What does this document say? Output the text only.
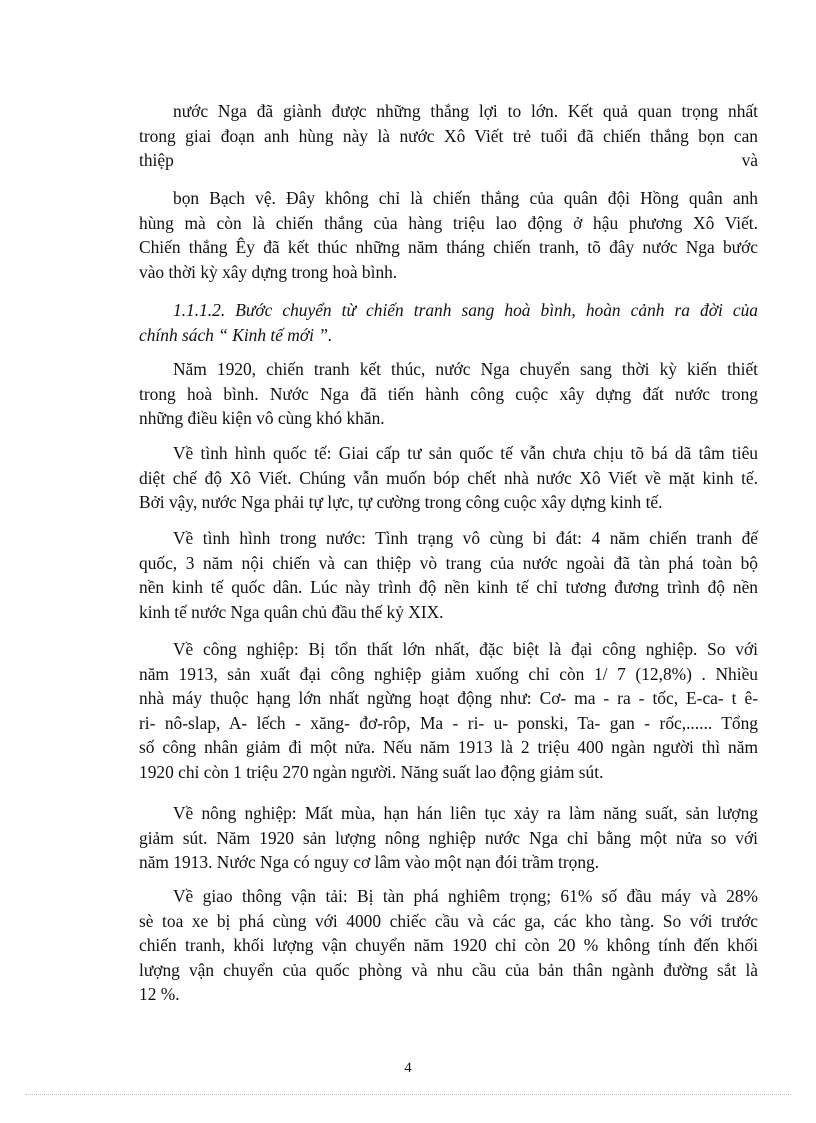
nước Nga đã giành được những thắng lợi to lớn. Kết quả quan trọng nhất
trong giai đoạn anh hùng này là nước Xô Viết trẻ tuổi đã chiến thắng bọn can
thiệp	và
bọn Bạch vệ. Đây không chỉ là chiến thắng của quân đội Hồng quân anh
hùng mà còn là chiến thắng của hàng triệu lao động ở hậu phương Xô Viết.
Chiến thắng Êy đã kết thúc những năm tháng chiến tranh, tõ đây nước Nga bước
vào thời kỳ xây dựng trong hoà bình.
1.1.1.2. Bước chuyển từ chiến tranh sang hoà bình, hoàn cảnh ra đời của
chính sách “ Kinh tế mới ”.
Năm 1920, chiến tranh kết thúc, nước Nga chuyển sang thời kỳ kiến thiết
trong hoà bình. Nước Nga đã tiến hành công cuộc xây dựng đất nước trong
những điều kiện vô cùng khó khăn.
Về tình hình quốc tế: Giai cấp tư sản quốc tế vẫn chưa chịu tõ bá dã tâm tiêu
diệt chế độ Xô Viết. Chúng vẫn muốn bóp chết nhà nước Xô Viết về mặt kinh tế.
Bởi vậy, nước Nga phải tự lực, tự cường trong công cuộc xây dựng kinh tế.
Về tình hình trong nước: Tình trạng vô cùng bi đát: 4 năm chiến tranh đế
quốc, 3 năm nội chiến và can thiệp vò trang của nước ngoài đã tàn phá toàn bộ
nền kinh tế quốc dân. Lúc này trình độ nền kinh tế chỉ tương đương trình độ nền
kinh tế nước Nga quân chủ đầu thế kỷ XIX.
Về công nghiệp: Bị tổn thất lớn nhất, đặc biệt là đại công nghiệp. So với
năm 1913, sản xuất đại công nghiệp giảm xuống chỉ còn 1/ 7 (12,8%) . Nhiều
nhà máy thuộc hạng lớn nhất ngừng hoạt động như: Cơ- ma - ra - tốc, E-ca- t ê-
ri- nô-slap, A- lếch - xăng- đơ-rôp, Ma - ri- u- ponski, Ta- gan - rốc,...... Tổng
số công nhân giảm đi một nửa. Nếu năm 1913 là 2 triệu 400 ngàn người thì năm
1920 chỉ còn 1 triệu 270 ngàn người. Năng suất lao động giảm sút.
Về nông nghiệp: Mất mùa, hạn hán liên tục xảy ra làm năng suất, sản lượng
giảm sút. Năm 1920 sản lượng nông nghiệp nước Nga chỉ bằng một nửa so với
năm 1913. Nước Nga có nguy cơ lâm vào một nạn đói trầm trọng.
Về giao thông vận tải: Bị tàn phá nghiêm trọng; 61% số đầu máy và 28%
sè toa xe bị phá cùng với 4000 chiếc cầu và các ga, các kho tàng. So với trước
chiến tranh, khối lượng vận chuyển năm 1920 chỉ còn 20 % không tính đến khối
lượng vận chuyển của quốc phòng và nhu cầu của bản thân ngành đường sắt là
12 %.
4
